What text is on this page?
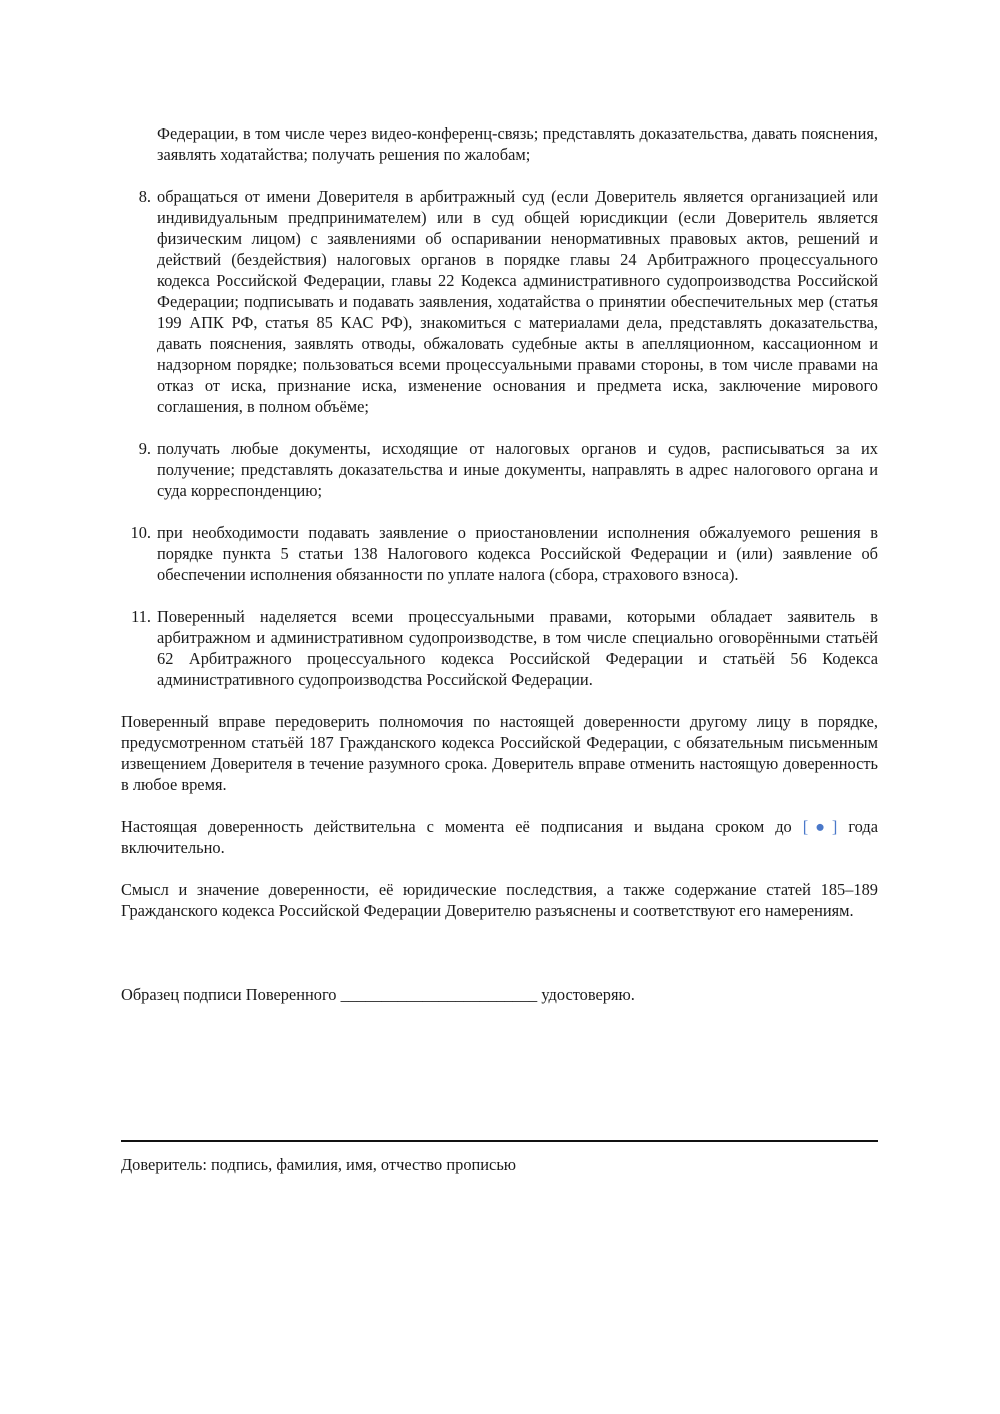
Федерации, в том числе через видео-конференц-связь; представлять доказательства, давать пояснения, заявлять ходатайства; получать решения по жалобам;
8. обращаться от имени Доверителя в арбитражный суд (если Доверитель является организацией или индивидуальным предпринимателем) или в суд общей юрисдикции (если Доверитель является физическим лицом) с заявлениями об оспаривании ненормативных правовых актов, решений и действий (бездействия) налоговых органов в порядке главы 24 Арбитражного процессуального кодекса Российской Федерации, главы 22 Кодекса административного судопроизводства Российской Федерации; подписывать и подавать заявления, ходатайства о принятии обеспечительных мер (статья 199 АПК РФ, статья 85 КАС РФ), знакомиться с материалами дела, представлять доказательства, давать пояснения, заявлять отводы, обжаловать судебные акты в апелляционном, кассационном и надзорном порядке; пользоваться всеми процессуальными правами стороны, в том числе правами на отказ от иска, признание иска, изменение основания и предмета иска, заключение мирового соглашения, в полном объёме;
9. получать любые документы, исходящие от налоговых органов и судов, расписываться за их получение; представлять доказательства и иные документы, направлять в адрес налогового органа и суда корреспонденцию;
10. при необходимости подавать заявление о приостановлении исполнения обжалуемого решения в порядке пункта 5 статьи 138 Налогового кодекса Российской Федерации и (или) заявление об обеспечении исполнения обязанности по уплате налога (сбора, страхового взноса).
11. Поверенный наделяется всеми процессуальными правами, которыми обладает заявитель в арбитражном и административном судопроизводстве, в том числе специально оговорёнными статьёй 62 Арбитражного процессуального кодекса Российской Федерации и статьёй 56 Кодекса административного судопроизводства Российской Федерации.

Поверенный вправе передоверить полномочия по настоящей доверенности другому лицу в порядке, предусмотренном статьёй 187 Гражданского кодекса Российской Федерации, с обязательным письменным извещением Доверителя в течение разумного срока. Доверитель вправе отменить настоящую доверенность в любое время.

Настоящая доверенность действительна с момента её подписания и выдана сроком до [●] года включительно.

Смысл и значение доверенности, её юридические последствия, а также содержание статей 185–189 Гражданского кодекса Российской Федерации Доверителю разъяснены и соответствуют его намерениям.

Образец подписи Поверенного ________________________ удостоверяю.
Доверитель: подпись, фамилия, имя, отчество прописью
